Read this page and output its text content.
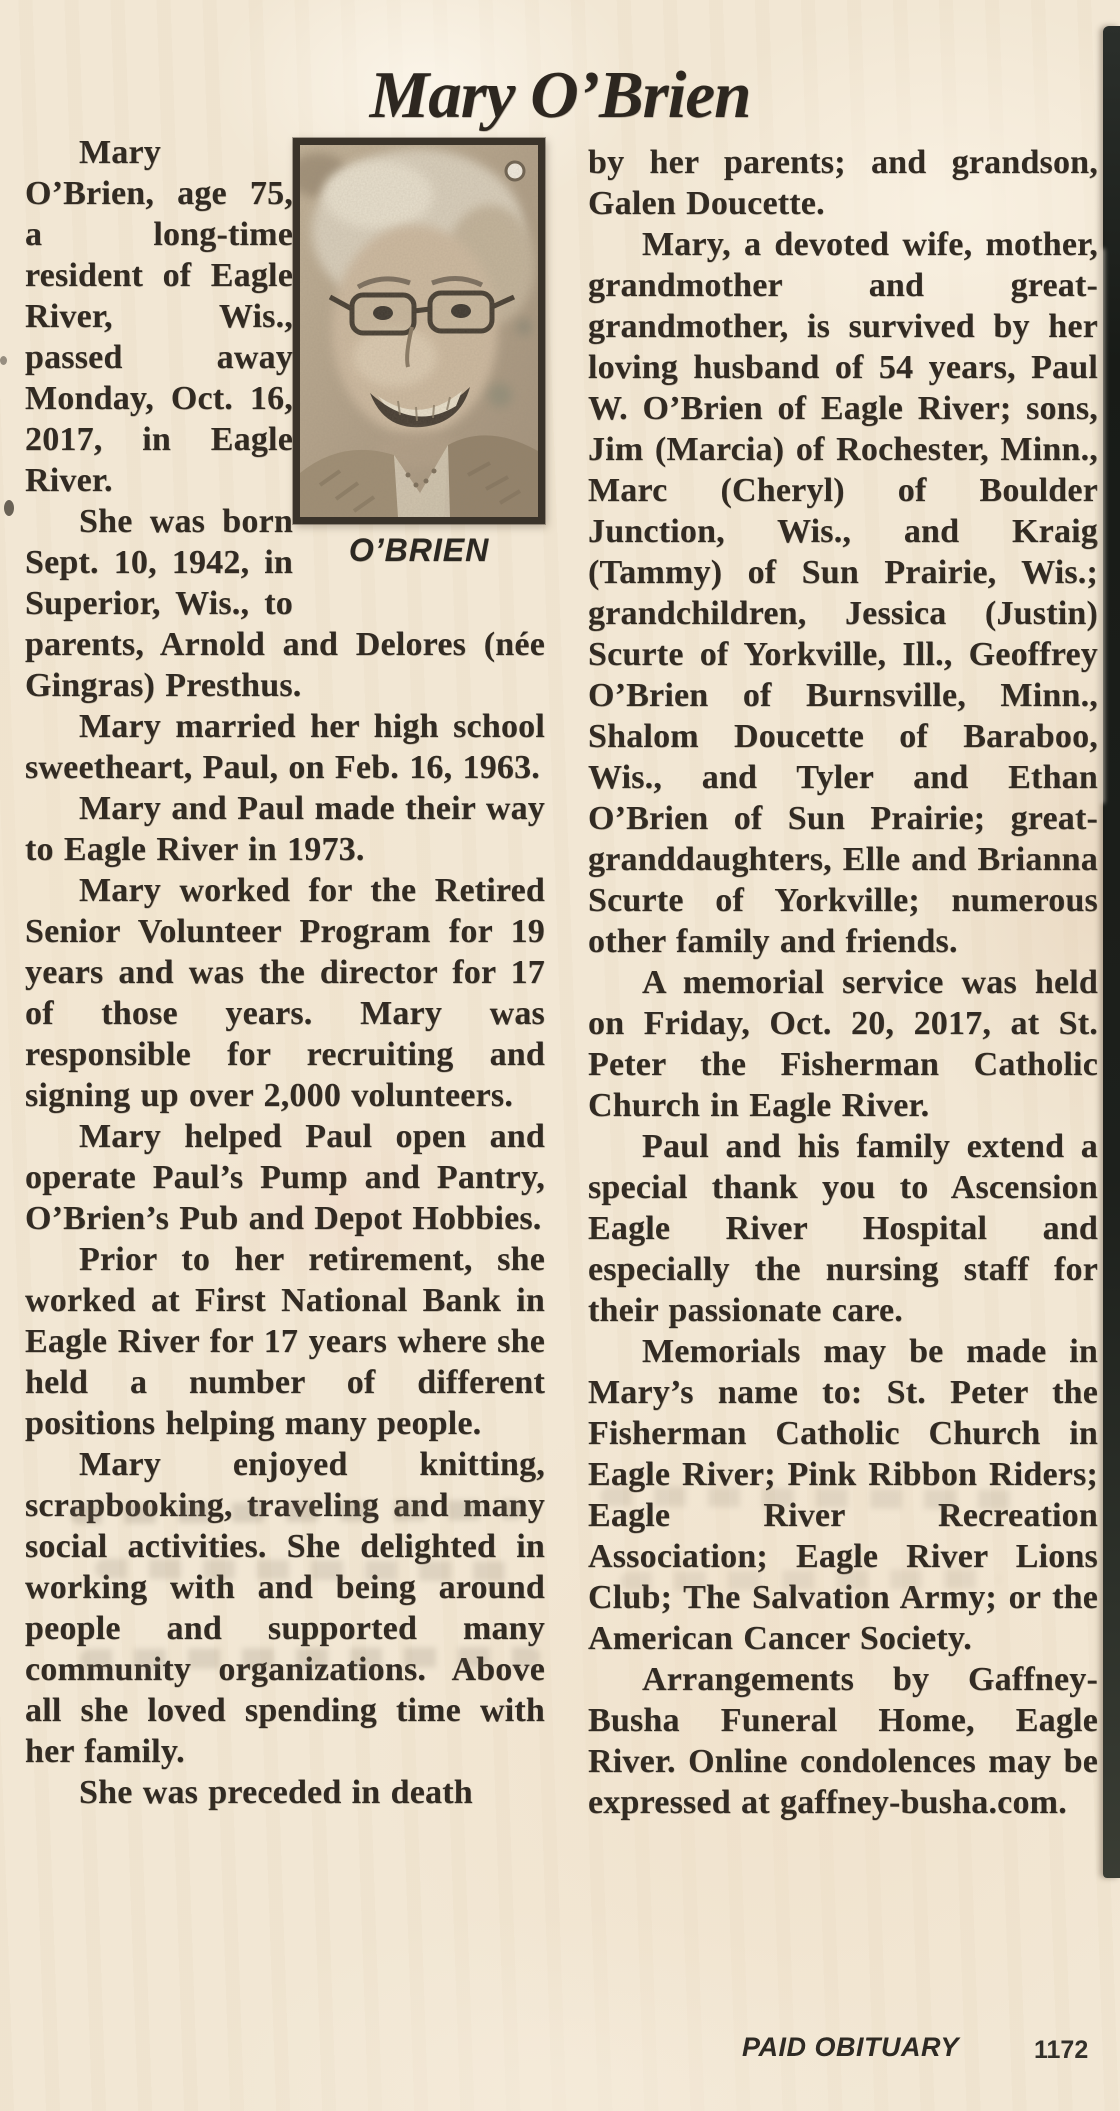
Mary O’Brien
O’BRIEN

Mary O’Brien, age 75, a long-time resident of Eagle River, Wis., passed away Monday, Oct. 16, 2017, in Eagle River.

She was born Sept. 10, 1942, in Superior, Wis., to parents, Arnold and Delores (née Gingras) Presthus.

Mary married her high school sweetheart, Paul, on Feb. 16, 1963.

Mary and Paul made their way to Eagle River in 1973.

Mary worked for the Retired Senior Volunteer Program for 19 years and was the director for 17 of those years. Mary was responsible for recruiting and signing up over 2,000 volunteers.

Mary helped Paul open and operate Paul’s Pump and Pantry, O’Brien’s Pub and Depot Hobbies.

Prior to her retirement, she worked at First National Bank in Eagle River for 17 years where she held a number of different positions helping many people.

Mary enjoyed knitting, scrapbooking, traveling and many social activities. She delighted in working with and being around people and supported many community organizations. Above all she loved spending time with her family.

She was preceded in death

by her parents; and grandson, Galen Doucette.

Mary, a devoted wife, mother, grandmother and great-grandmother, is survived by her loving husband of 54 years, Paul W. O’Brien of Eagle River; sons, Jim (Marcia) of Rochester, Minn., Marc (Cheryl) of Boulder Junction, Wis., and Kraig (Tammy) of Sun Prairie, Wis.; grandchildren, Jessica (Justin) Scurte of Yorkville, Ill., Geoffrey O’Brien of Burnsville, Minn., Shalom Doucette of Baraboo, Wis., and Tyler and Ethan O’Brien of Sun Prairie; great-granddaughters, Elle and Brianna Scurte of Yorkville; numerous other family and friends.

A memorial service was held on Friday, Oct. 20, 2017, at St. Peter the Fisherman Catholic Church in Eagle River.

Paul and his family extend a special thank you to Ascension Eagle River Hospital and especially the nursing staff for their passionate care.

Memorials may be made in Mary’s name to: St. Peter the Fisherman Catholic Church in Eagle River; Pink Ribbon Riders; Eagle River Recreation Association; Eagle River Lions Club; The Salvation Army; or the American Cancer Society.

Arrangements by Gaffney-Busha Funeral Home, Eagle River. Online condolences may be expressed at gaffney-busha.com.

PAID OBITUARY	1172
